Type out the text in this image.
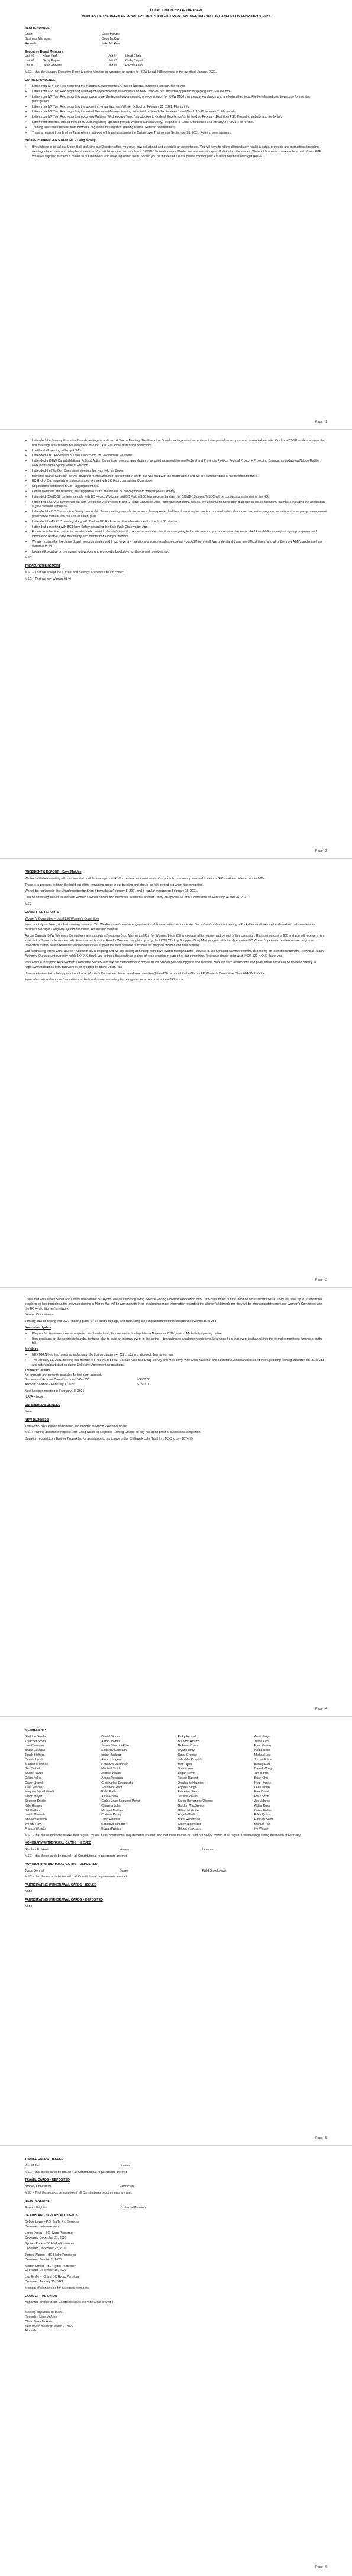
LOCAL UNION 258 OF THE IBEW
MINUTES OF THE REGULAR FEBRUARY, 2021 ZOOM FUTURE BOARD MEETING HELD IN LANGLEY ON FEBRUARY 9, 2021
IN ATTENDANCE
Chair:	Dave McAfee
Business Manager:	Doug McKay
Recorder:	Mike McAfee
Executive Board Members
Unit #1	Klaus Kraft	Unit #4	Lloyd Clark
Unit #2	Gerry Payne	Unit #5	Cathy Trigaith
Unit #3	Dean Roberts	Unit #6	Rachel Allan
MSC – that the January Executive Board Meeting Minutes be accepted as posted to IBEW Local 258's website in the month of January 2021.
CORRESPONDENCE
➢ Letter from IVP Tom Reid regarding the National Governments $70 million National Initiative Program, file for info.
➢ Letter from IVP Tom Reid regarding a survey of apprenticeship stakeholders on how Covid-19 has impacted apprenticeship programs, File for info.
➢ Letter from IVP Tom Reid regarding a campaign to get the federal government to provide support for IBEW 2106 members at Hardlands who are losing their jobs, File for info and post to website for member participation.
➢ Letter from IVP Tom Reid regarding the upcoming virtual Women's Winter School on February 21, 2021, File for info.
➢ Letter from IVP Tom Reid regarding the virtual Business Manager training to be held on March 1-4 for week 1 and March 15-18 for week 2, File for info.
➢ Letter from IVP Tom Reid regarding upcoming Webinar Wednesdays Topic "Introduction to Code of Excellence" to be held on February 10 at 8pm PST. Posted to website and file for info.
➢ Letter from Roberto Hobson from Local 2085 regarding upcoming virtual Western Canada Utility, Telephone & Cable Conference on February 24, 2021, File for info.
➢ Training assistance request from Brother Craig Nolan for Logistics Training course. Refer to new business.
➢ Training request from Brother Taras Allen in support of his participation in the Cultus Lake Triathlon on September 26, 2021. Refer to new business.
BUSINESS MANAGER'S REPORT – Doug McKay
➢ If you phone in or call our Union Hall, including our Dispatch office, you must now call ahead and schedule an appointment. You will have to follow all mandatory health & safety protocols and instructions including wearing a face mask and using hand sanitizer. You will be required to complete a COVID-19 questionnaire. Masks are now mandatory in all shared inside spaces. We would consider masks to be a part of your PPE. We have supplied numerous masks to our members who have requested them. Should you be in need of a mask please contact your Assistant Business Manager (ABM).
Page | 1
➢ I attended the January Executive Board meeting via a Microsoft Teams Meeting. The Executive Board meetings minutes continue to be posted on our password protected website. Our Local 258 President advises that unit meetings are currently not being held due to COVID-19 social distancing restrictions.
➢ I held a staff meeting with my ABM's.
➢ I attended a BC Federation of Labour workshop on Government Relations.
➢ I attended a IBEW Canada National Political Action Committee meeting: agenda items included a presentation on Federal and Provincial Politics, Federal Project + Protecting Canada, an update on Nelson Rubber work plans and a Spring Federal Election.
➢ I attended the Nat-Gen Committee Meeting that was held via Zoom.
➢ Barnaffle Island: Outreach served down the memorandum of agreement. A zoom call was held with the membership and we are currently back at the negotiating table.
➢ BC Hydro: Our negotiating team continues to meet with BC Hydro bargaining Committee.
➢ Negotiations continue for Aux Flagging members.
➢ Dutton Members are resuming the suggestive forms and we will be moving forward with proposals shortly.
➢ I attended COVID-19 conference calls with BC Hydro, Worksafe and BC Fed. MSBC has accepted a claim for COVID-19 cover. WSBC will be conducting a site visit of the HQ.
➢ I attended a COVID conference call with Executive Vice President of BC Hydro Chantelle Millie regarding operational issues. We continue to have open dialogue on issues facing my members including the application of your workers principles.
➢ I attended the BC Construction Safety Leadership Team meeting: agenda items were the corporate dashboard, service plan metrics, updated safety dashboard, asbestos program, security and emergency management governance manual and the annual safety plan.
➢ I attended the All PTC meeting along with Brother BC Hydro executive who attended for the first 30 minutes.
➢ I attended a meeting with BC Hydro Safety regarding the Safe Work Observation App.
➢ For our suitable line contractor members who travel to the site's to work, please be reminded that if you are going to the site to work, you are required to contact the Union Hall as a original sign-up purposes and information relative to the mandatory documents that allow you to work.
➢ We are posting the Executive Board meeting minutes and if you have any questions or concerns please contact your ABM or myself. We understand these are difficult times, and all of them my ABM's and myself are available to you.
➢ Updated Executive on the current grievances and provided a breakdown on the current membership.
MSC
TREASURER'S REPORT
MSC – That we accept the Current and Savings Accounts if found correct.
MSC – That we pay Warrant #840
Page | 2
PRESIDENT'S REPORT – Dave McAfee
We had a Webex meeting with our financial portfolio managers at RBC to review our investments. Our portfolio is currently invested in various GICs and are deferred out to 2024.
There is in progress to finish the build out of the remaining space in our building and should be fully rented out when it is completed.
We will be hosting our first virtual meeting for Shop Stewards on February 8, 2021 and a regular meeting on February 15, 2021.
I will be attending the virtual Western Women's Winter School and the virtual Western Canadian Utility, Telephone & Cable Conference on February 24 and 26, 2021.
MSC
COMMITTEE REPORTS
Women's Committee – Local 258 Women's Committee
Meet monthly on Zoom, our last meeting January 12th. We discussed member engagement and how to better communicate. Since Carolyn Yerke is creating a Rocky/Jemand that can be shared with all members via Business Manager Doug McKay and our media, Hotline and website.
Across Canada IBEW Women's Committees are supporting Shoppers Drug Mart Virtual Run for Women, Local 258 encourage all to register and be part of this campaign. Registration cost is $30 and you will receive a run shirt. (https://www.runforwomen.ca/). Funds raised from the Run for Women, brought to you by the LOVE YOU by Shoppers Drug Mart program will directly enhance BC Women's perinatal resilience care programs. Innovation mental health resources and resources will support the best possible outcomes for pregnant women and their families.
Our fundraising efforts with Futures 4 Aspire in BC is ongoing and we are looking at funding both drive events throughout the Province in the Spring or Summer months, depending on restrictions from the Provincial Health Authority. Our account currently holds $XX.XX, thank you to those that continue to drop off your empties in support of our committee. To donate simply enter acct # 604-520-XXXX, thank you.
We continue to support Alice Women's Resource Society and ask our membership to donate much needed personal hygiene and feminine products such as tampons and pads, these items can be donated directly to https://www.facebook.com/alicewomen/ or dropped off at the Union Hall.
If you are interested in being part of our Local Women's Committee please email wwcommittee@ibew258.ca or call Kathe Obrodi AR Women's Committee Chair 604-XXX-XXXX.
More information about our Committee can be found on our website, please register for an account at ibew258.bc.ca
Page | 3
I have met with Janice Soper and Lesley Macdonald, BC Hydro. They are working along side the Ending Violence Association of BC and have rolled out the Don't be a Bystander course. They will have up to 10 additional sessions on-line throughout the province starting in March. We will be working with them sharing important information regarding the Women's Network and they will be sharing updates from our Women's Committee with the BC Hydro Women's network.
Newton Committee –
January saw us testing into 2021, making plans for a Facebook page, and discussing stocking and mentorship opportunities within IBEW 258.
November Update
➢ Plaques for the winners were completed and handed out. Pictures and a final update on November 2020 given to Michelle for posting online
➢ Item continues on the contribute laundry, tentative plan to build an informal event in the spring – depending on pandemic restrictions. Learnings from that event to channel into the formal committee's fundraiser in the fall.
Meetings
➢ NEXTGEN held two meetings in January, the first on January 4, 2021, taking a Microsoft Teams test run.
➢ The January 11, 2021 meeting had members of the NGB Local: 4, Chair Kalle Soi, Doug McKay and Mike Levy. Vice Chair Kalle Soi and Secretary: Jonathan discussed their upcoming training support from IBEW 258 and potential participation during Collective Agreement negotiations.
Treasurer Report
No amounts are currently available for the bank account.
Summary of Account Donations from IBEW 258:	+$500.00
Account Balance – February 1, 2021	$1500.00
Next Nextgen meeting is February 18, 2021.
ILATA – None.
UNFINISHED BUSINESS
None
NEW BUSINESS
Tom Fortin 2021 logo to be finalised and decided at March Executive Board.
MSC: Training assistance request from Craig Nolan for Logistics Training Course, to pay half upon proof of successful completion.
Donation request from Brother Taras Allen for assistance to participate in the Chilliwack Lake Triathlon, MSC to pay $874.95.
Page | 4
MEMBERSHIP
Sheldon Smela	Daniel Bidoux	Ricky Kendall	Amrit Singh
Thatcher Smith	Aaron Jaynes	Brandon Aldrich	Jesse Kim
Levi Cameron	James Vasconi-Pilar	Nicholas Chen	Ryan Brown
Bruce Gelagas	Kimberly Galbraith	Wyatt Henry	Nadia Ross
Jacob Stafford	Isaiah Jackson	Omar Gravitte	Michael Lee
Dennis Lynch	Aaron Luttgen	John MacDonald	Jordan Price
Marriott Marshall	Candace McDonald	Matt Ojala	Kelsey Park
Ben Seibel	Mitchell Smith	Shaun Yew	Daniel Wong
Shane Taylor	Joanka Waldie	Logan Nevin	Tim Harris
Dylan Keller	Anoca Petersen	Tristan Dupont	Brian Chu
Casey Sewell	Christopher Bojanofsky	Stephanie Hepener	Noah Evans
Tyler Fletcher	Shannon Grant	Aqbaell Singh	Leah Morin
Maryam Jamal Wardi	Kabir Rally	Farcefina Fields	Paul Grant
Jason Meyer	Alicia Roma	Jessica Poulin	Evan Scott
Spencer Brodie	Carlos Joao Sisquesti Perez	Karim Hernandez Olivedo	Zoe Adams
Kyle Heaney	Carmela John	Gordon MacGregor	Aiden Ross
Bill Maitland	Michael Maitland	Gillian McGuire	Owen Fisher
Isaiah Mensah	Corinne Penny	Angela Phillip	Riley Quinn
Nnaeem Phillips	Thao Roamer	Brent Robertson	Hannah Scott
Wendy Ray	Konglavii Tamboo	Cathy Richmond	Marcus Tan
Francis Wharton	Edward Weiss	Gilbert Yzakhonu	Ivy Watson
MSC – that these applications take their regular course if all Constitutional requirements are met, and that these names be read out and/or posted at all regular Unit meetings during the month of February.
HONORARY WITHDRAWAL CARDS – ISSUED
Stephen E. Morris	Vernon	Lineman
MSC – that these cards be issued if all Constitutional requirements are met.
HONORARY WITHDRAWAL CARDS – DEPOSITED
Justin Gormal	Surrey	Field Storekeeper
MSC – that these cards be issued if all Constitutional requirements are met.
PARTICIPATING WITHDRAWAL CARDS – ISSUED
None
PARTICIPATING WITHDRAWAL CARDS – DEPOSITED
None
Page | 5
TRAVEL CARDS – ISSUED
Kurt Muller	Lineman
MSC – that these cards be issued if all Constitutional requirements are met.
TRAVEL CARDS – DEPOSITED
Bradley Cheesman	Electrician
MSC – That these cards be accepted if all Constitutional requirements are met.
IBEW PENSIONS
Edward Brighton	IO Normal Pension
DEATHS AND SERIOUS ACCIDENTS
Debbie Lowe – P.S. Traffic Pro Services
Deceased date unknown
Lorne Orden – BC Hydro Pensioner
Deceased December 31, 2020
Sydney Pace – BC Hydro Pensioner
Deceased December 22, 2020
James Warren – BC Hydro Pensioner
Deceased October 5, 2020
Morton Ernest – BC Hydro Pensioner
Deceased December 15, 2020
Leo Enslie – IO and BC Hydro Pensioner
Deceased January 10, 2021
Moment of silence held for deceased members.
GOOD OF THE UNION
Appointed Brother Brian Goedbloeden as the Vice Chair of Unit 4.
Meeting adjourned at 15:16.
Recorder: Mike McAfee
Chair: Dave McAfee
Next Board meeting: March 2, 2022
All cards
Page | 6
